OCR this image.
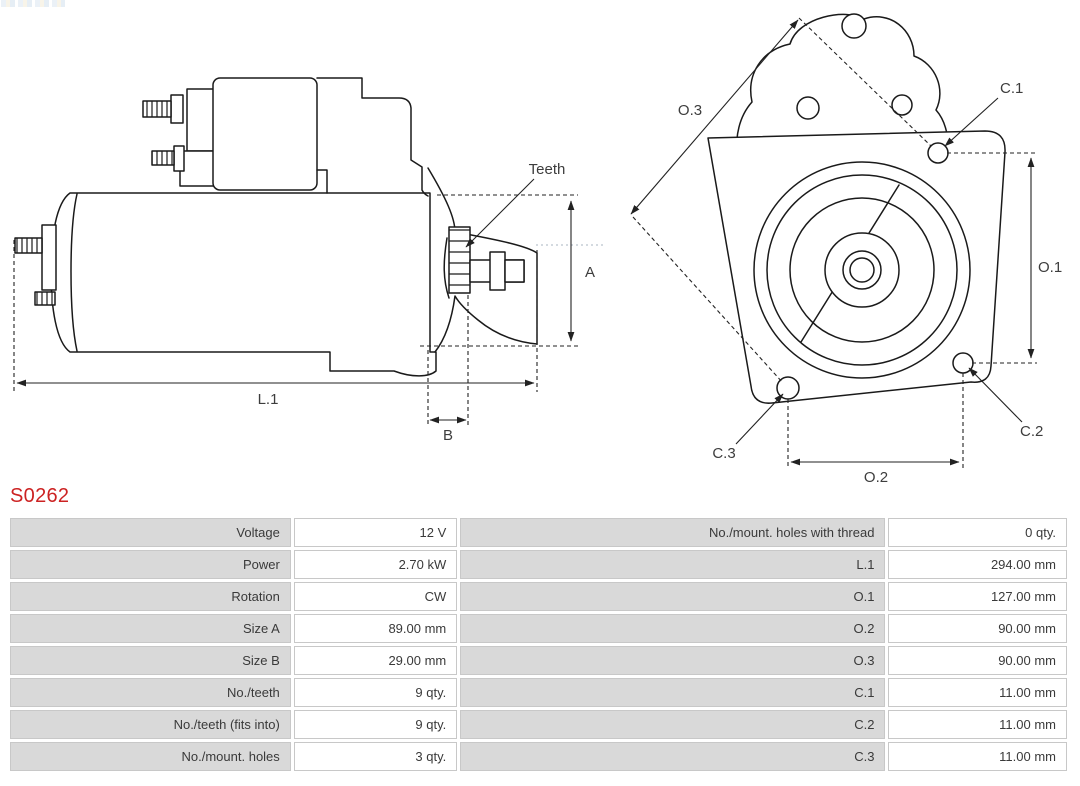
Teeth
A
L.1
B
O.3
C.1
O.1
C.2
C.3
O.2
S0262
Voltage	12 V	No./mount. holes with thread	0 qty.
Power	2.70 kW	L.1	294.00 mm
Rotation	CW	O.1	127.00 mm
Size A	89.00 mm	O.2	90.00 mm
Size B	29.00 mm	O.3	90.00 mm
No./teeth	9 qty.	C.1	11.00 mm
No./teeth (fits into)	9 qty.	C.2	11.00 mm
No./mount. holes	3 qty.	C.3	11.00 mm
